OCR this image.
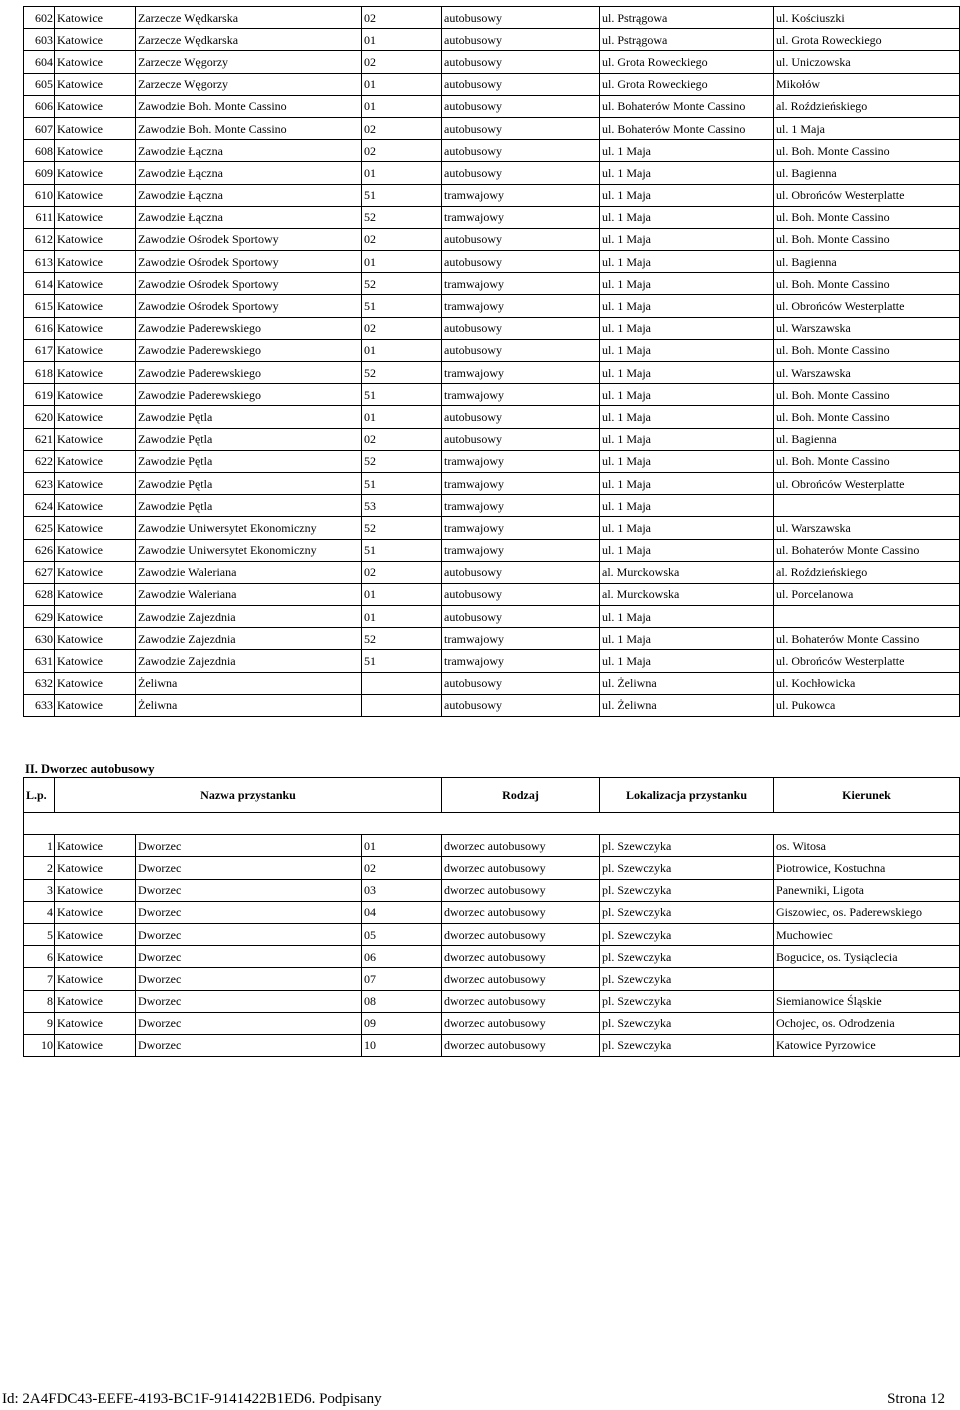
602	Katowice	Zarzecze Wędkarska	02	autobusowy	ul. Pstrągowa	ul. Kościuszki
603	Katowice	Zarzecze Wędkarska	01	autobusowy	ul. Pstrągowa	ul. Grota Roweckiego
604	Katowice	Zarzecze Węgorzy	02	autobusowy	ul. Grota Roweckiego	ul. Uniczowska
605	Katowice	Zarzecze Węgorzy	01	autobusowy	ul. Grota Roweckiego	Mikołów
606	Katowice	Zawodzie Boh. Monte Cassino	01	autobusowy	ul. Bohaterów Monte Cassino	al. Roździeńskiego
607	Katowice	Zawodzie Boh. Monte Cassino	02	autobusowy	ul. Bohaterów Monte Cassino	ul. 1 Maja
608	Katowice	Zawodzie Łączna	02	autobusowy	ul. 1 Maja	ul. Boh. Monte Cassino
609	Katowice	Zawodzie Łączna	01	autobusowy	ul. 1 Maja	ul. Bagienna
610	Katowice	Zawodzie Łączna	51	tramwajowy	ul. 1 Maja	ul. Obrońców Westerplatte
611	Katowice	Zawodzie Łączna	52	tramwajowy	ul. 1 Maja	ul. Boh. Monte Cassino
612	Katowice	Zawodzie Ośrodek Sportowy	02	autobusowy	ul. 1 Maja	ul. Boh. Monte Cassino
613	Katowice	Zawodzie Ośrodek Sportowy	01	autobusowy	ul. 1 Maja	ul. Bagienna
614	Katowice	Zawodzie Ośrodek Sportowy	52	tramwajowy	ul. 1 Maja	ul. Boh. Monte Cassino
615	Katowice	Zawodzie Ośrodek Sportowy	51	tramwajowy	ul. 1 Maja	ul. Obrońców Westerplatte
616	Katowice	Zawodzie Paderewskiego	02	autobusowy	ul. 1 Maja	ul. Warszawska
617	Katowice	Zawodzie Paderewskiego	01	autobusowy	ul. 1 Maja	ul. Boh. Monte Cassino
618	Katowice	Zawodzie Paderewskiego	52	tramwajowy	ul. 1 Maja	ul. Warszawska
619	Katowice	Zawodzie Paderewskiego	51	tramwajowy	ul. 1 Maja	ul. Boh. Monte Cassino
620	Katowice	Zawodzie Pętla	01	autobusowy	ul. 1 Maja	ul. Boh. Monte Cassino
621	Katowice	Zawodzie Pętla	02	autobusowy	ul. 1 Maja	ul. Bagienna
622	Katowice	Zawodzie Pętla	52	tramwajowy	ul. 1 Maja	ul. Boh. Monte Cassino
623	Katowice	Zawodzie Pętla	51	tramwajowy	ul. 1 Maja	ul. Obrońców Westerplatte
624	Katowice	Zawodzie Pętla	53	tramwajowy	ul. 1 Maja	
625	Katowice	Zawodzie Uniwersytet Ekonomiczny	52	tramwajowy	ul. 1 Maja	ul. Warszawska
626	Katowice	Zawodzie Uniwersytet Ekonomiczny	51	tramwajowy	ul. 1 Maja	ul. Bohaterów Monte Cassino
627	Katowice	Zawodzie Waleriana	02	autobusowy	al. Murckowska	al. Roździeńskiego
628	Katowice	Zawodzie Waleriana	01	autobusowy	al. Murckowska	ul. Porcelanowa
629	Katowice	Zawodzie Zajezdnia	01	autobusowy	ul. 1 Maja	
630	Katowice	Zawodzie Zajezdnia	52	tramwajowy	ul. 1 Maja	ul. Bohaterów Monte Cassino
631	Katowice	Zawodzie Zajezdnia	51	tramwajowy	ul. 1 Maja	ul. Obrońców Westerplatte
632	Katowice	Żeliwna		autobusowy	ul. Żeliwna	ul. Kochłowicka
633	Katowice	Żeliwna		autobusowy	ul. Żeliwna	ul. Pukowca
II. Dworzec autobusowy
L.p.	Nazwa przystanku			Rodzaj	Lokalizacja przystanku	Kierunek

1	Katowice	Dworzec	01	dworzec autobusowy	pl. Szewczyka	os. Witosa
2	Katowice	Dworzec	02	dworzec autobusowy	pl. Szewczyka	Piotrowice, Kostuchna
3	Katowice	Dworzec	03	dworzec autobusowy	pl. Szewczyka	Panewniki, Ligota
4	Katowice	Dworzec	04	dworzec autobusowy	pl. Szewczyka	Giszowiec, os. Paderewskiego
5	Katowice	Dworzec	05	dworzec autobusowy	pl. Szewczyka	Muchowiec
6	Katowice	Dworzec	06	dworzec autobusowy	pl. Szewczyka	Bogucice, os. Tysiąclecia
7	Katowice	Dworzec	07	dworzec autobusowy	pl. Szewczyka	
8	Katowice	Dworzec	08	dworzec autobusowy	pl. Szewczyka	Siemianowice Śląskie
9	Katowice	Dworzec	09	dworzec autobusowy	pl. Szewczyka	Ochojec, os. Odrodzenia
10	Katowice	Dworzec	10	dworzec autobusowy	pl. Szewczyka	Katowice Pyrzowice
Id: 2A4FDC43-EEFE-4193-BC1F-9141422B1ED6. Podpisany	Strona 12
